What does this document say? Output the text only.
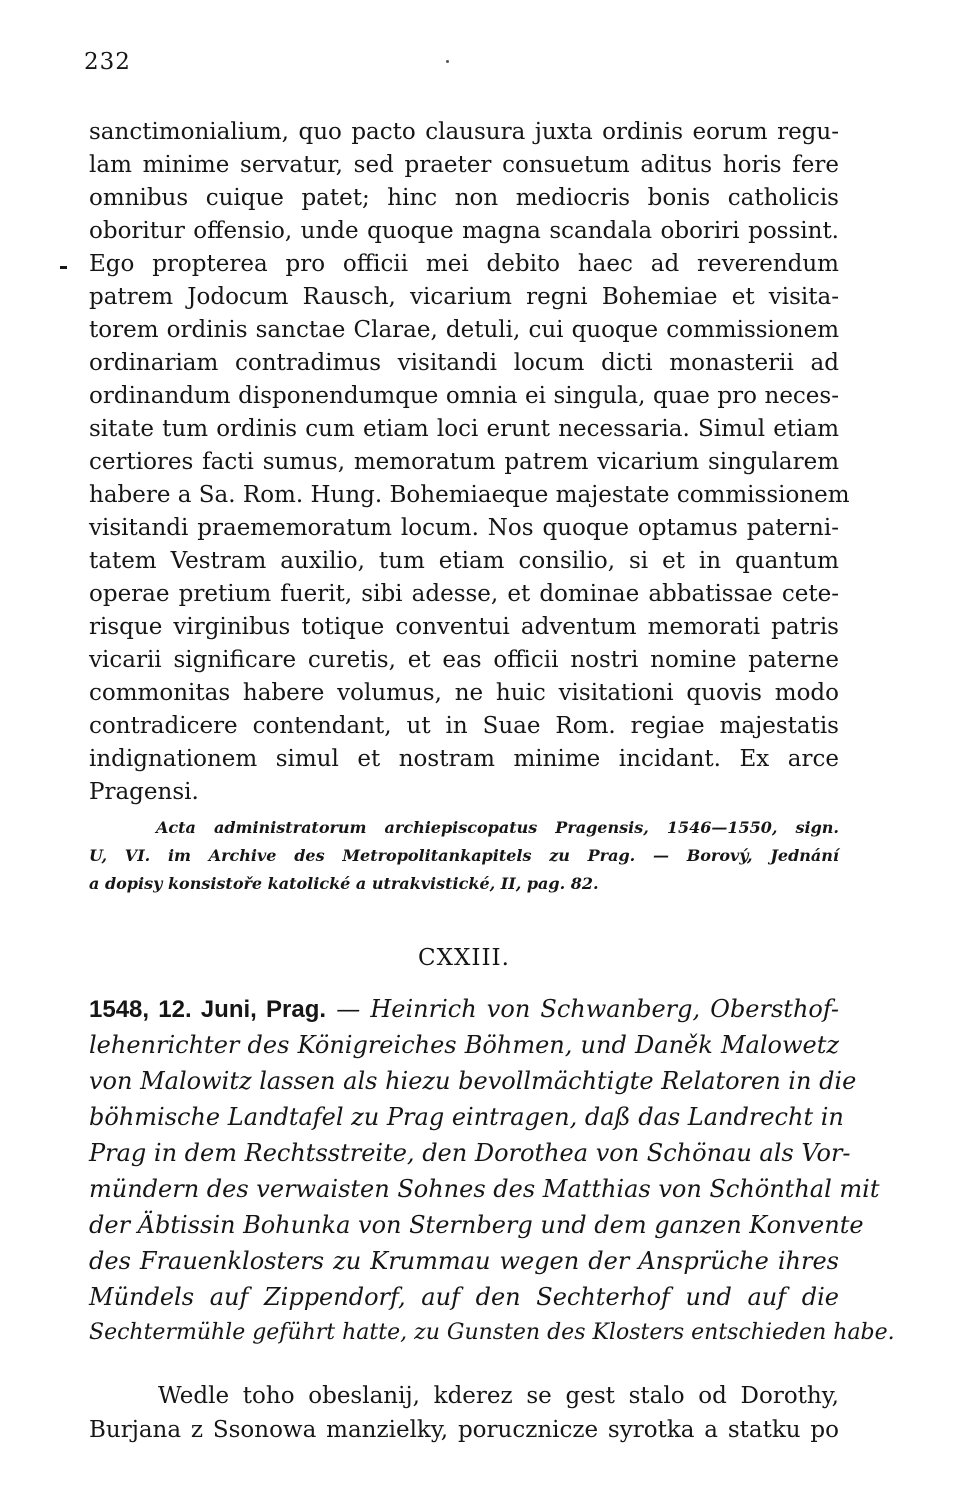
232
sanctimonialium, quo pacto clausura juxta ordinis eorum regu-
lam minime servatur, sed praeter consuetum aditus horis fere
omnibus cuique patet; hinc non mediocris bonis catholicis
oboritur offensio, unde quoque magna scandala oboriri possint.
Ego propterea pro officii mei debito haec ad reverendum
patrem Jodocum Rausch, vicarium regni Bohemiae et visita-
torem ordinis sanctae Clarae, detuli, cui quoque commissionem
ordinariam contradimus visitandi locum dicti monasterii ad
ordinandum disponendumque omnia ei singula, quae pro neces-
sitate tum ordinis cum etiam loci erunt necessaria. Simul etiam
certiores facti sumus, memoratum patrem vicarium singularem
habere a Sa. Rom. Hung. Bohemiaeque majestate commissionem
visitandi praememoratum locum. Nos quoque optamus paterni-
tatem Vestram auxilio, tum etiam consilio, si et in quantum
operae pretium fuerit, sibi adesse, et dominae abbatissae cete-
risque virginibus totique conventui adventum memorati patris
vicarii significare curetis, et eas officii nostri nomine paterne
commonitas habere volumus, ne huic visitationi quovis modo
contradicere contendant, ut in Suae Rom. regiae majestatis
indignationem simul et nostram minime incidant. Ex arce
Pragensi.
Acta administratorum archiepiscopatus Pragensis, 1546—1550, sign.
U, VI. im Archive des Metropolitankapitels zu Prag. — Borový, Jednání
a dopisy konsistoře katolické a utrakvistické, II, pag. 82.
CXXIII.
1548, 12. Juni, Prag. — Heinrich von Schwanberg, Obersthof-
lehenrichter des Königreiches Böhmen, und Daněk Malowetz
von Malowitz lassen als hiezu bevollmächtigte Relatoren in die
böhmische Landtafel zu Prag eintragen, daß das Landrecht in
Prag in dem Rechtsstreite, den Dorothea von Schönau als Vor-
mündern des verwaisten Sohnes des Matthias von Schönthal mit
der Äbtissin Bohunka von Sternberg und dem ganzen Konvente
des Frauenklosters zu Krummau wegen der Ansprüche ihres
Mündels auf Zippendorf, auf den Sechterhof und auf die
Sechtermühle geführt hatte, zu Gunsten des Klosters entschieden habe.
Wedle toho obeslanij, kderez se gest stalo od Dorothy,
Burjana z Ssonowa manzielky, porucznicze syrotka a statku po
